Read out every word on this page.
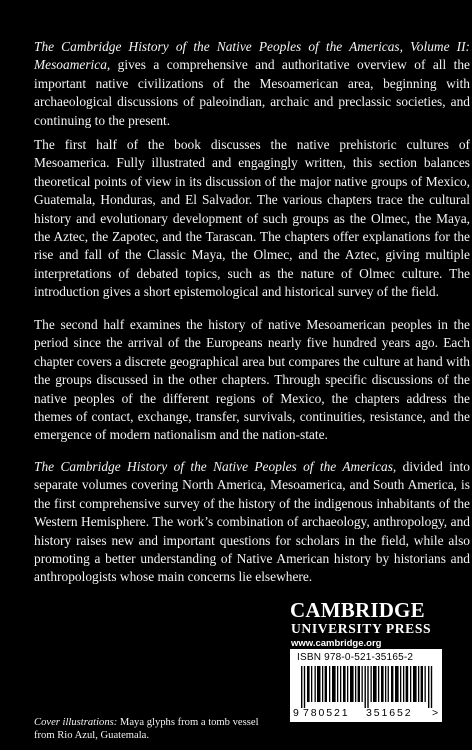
The Cambridge History of the Native Peoples of the Americas, Volume II: Mesoamerica, gives a comprehensive and authoritative overview of all the important native civilizations of the Mesoamerican area, beginning with archaeological discussions of paleoindian, archaic and preclassic societies, and continuing to the present.

The first half of the book discusses the native prehistoric cultures of Mesoamerica. Fully illustrated and engagingly written, this section balances theoretical points of view in its discussion of the major native groups of Mexico, Guatemala, Honduras, and El Salvador. The various chapters trace the cultural history and evolutionary development of such groups as the Olmec, the Maya, the Aztec, the Zapotec, and the Tarascan. The chapters offer explanations for the rise and fall of the Classic Maya, the Olmec, and the Aztec, giving multiple interpretations of debated topics, such as the nature of Olmec culture. The introduction gives a short epistemological and historical survey of the field.

The second half examines the history of native Mesoamerican peoples in the period since the arrival of the Europeans nearly five hundred years ago. Each chapter covers a discrete geographical area but compares the culture at hand with the groups discussed in the other chapters. Through specific discussions of the native peoples of the different regions of Mexico, the chapters address the themes of contact, exchange, transfer, survivals, continuities, resistance, and the emergence of modern nationalism and the nation-state.

The Cambridge History of the Native Peoples of the Americas, divided into separate volumes covering North America, Mesoamerica, and South America, is the first comprehensive survey of the history of the indigenous inhabitants of the Western Hemisphere. The work’s combination of archaeology, anthropology, and history raises new and important questions for scholars in the field, while also promoting a better understanding of Native American history by historians and anthropologists whose main concerns lie elsewhere.

CAMBRIDGE
UNIVERSITY PRESS
www.cambridge.org
ISBN 978-0-521-35165-2
9 780521 351652 >

Cover illustrations: Maya glyphs from a tomb vessel from Rio Azul, Guatemala.
